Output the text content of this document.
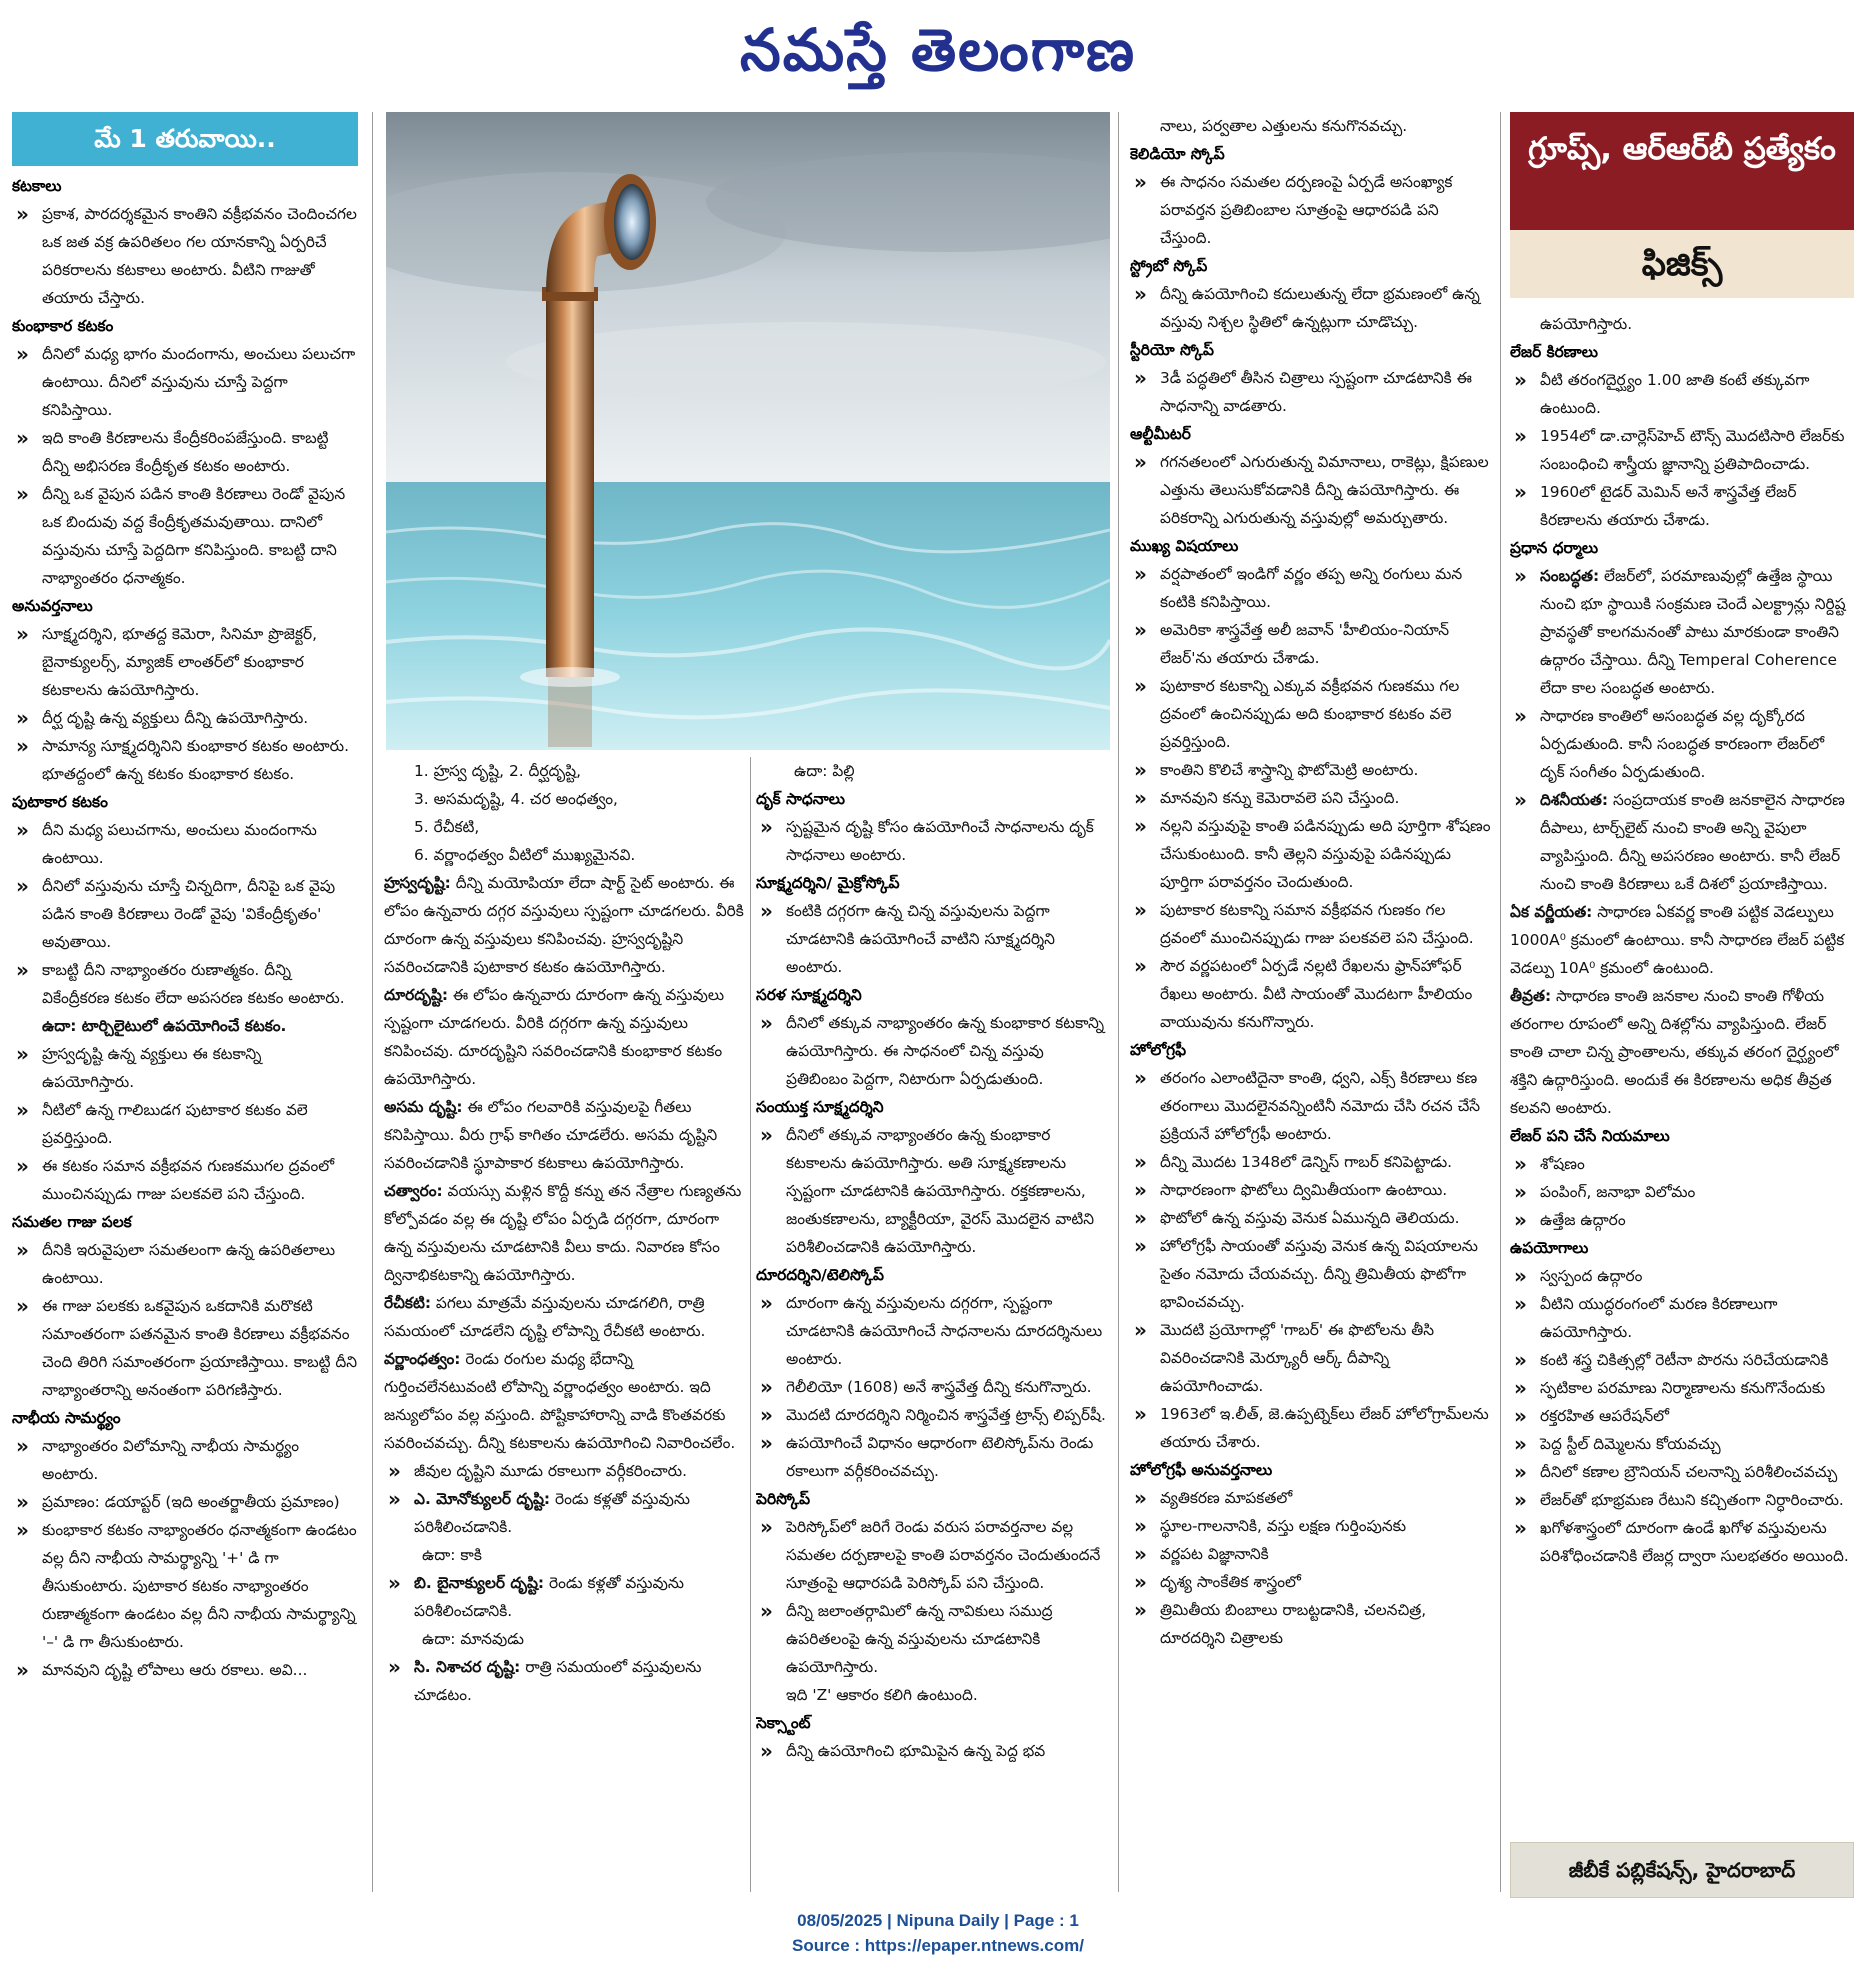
నమస్తే తెలంగాణ
మే 1 తరువాయి..

కటకాలు

» ప్రకాశ, పారదర్శకమైన కాంతిని వక్రీభవనం చెందించగల ఒక జత వక్ర ఉపరితలం గల యానకాన్ని ఏర్పరిచే పరికరాలను కటకాలు అంటారు. వీటిని గాజుతో తయారు చేస్తారు.

కుంభాకార కటకం

» దీనిలో మధ్య భాగం మందంగాను, అంచులు పలుచగా ఉంటాయి. దీనిలో వస్తువును చూస్తే పెద్దగా కనిపిస్తాయి.

» ఇది కాంతి కిరణాలను కేంద్రీకరింపజేస్తుంది. కాబట్టి దీన్ని అభిసరణ కేంద్రీకృత కటకం అంటారు.

» దీన్ని ఒక వైపున పడిన కాంతి కిరణాలు రెండో వైపున ఒక బిందువు వద్ద కేంద్రీకృతమవుతాయి. దానిలో వస్తువును చూస్తే పెద్దదిగా కనిపిస్తుంది. కాబట్టి దాని నాభ్యాంతరం ధనాత్మకం.

అనువర్తనాలు

» సూక్ష్మదర్శిని, భూతద్ద కెమెరా, సినిమా ప్రొజెక్టర్, బైనాక్యులర్స్, మ్యాజిక్ లాంతర్‌లో కుంభాకార కటకాలను ఉపయోగిస్తారు.

» దీర్ఘ దృష్టి ఉన్న వ్యక్తులు దీన్ని ఉపయోగిస్తారు.

» సామాన్య సూక్ష్మదర్శినిని కుంభాకార కటకం అంటారు. భూతద్దంలో ఉన్న కటకం కుంభాకార కటకం.

పుటాకార కటకం

» దీని మధ్య పలుచగాను, అంచులు మందంగాను ఉంటాయి.

» దీనిలో వస్తువును చూస్తే చిన్నదిగా, దీనిపై ఒక వైపు పడిన కాంతి కిరణాలు రెండో వైపు 'వికేంద్రీకృతం' అవుతాయి.

» కాబట్టి దీని నాభ్యాంతరం రుణాత్మకం. దీన్ని వికేంద్రీకరణ కటకం లేదా అపసరణ కటకం అంటారు.

ఉదా: టార్చిలైటులో ఉపయోగించే కటకం.

» హ్రస్వదృష్టి ఉన్న వ్యక్తులు ఈ కటకాన్ని ఉపయోగిస్తారు.

» నీటిలో ఉన్న గాలిబుడగ పుటాకార కటకం వలె ప్రవర్తిస్తుంది.

» ఈ కటకం సమాన వక్రీభవన గుణకముగల ద్రవంలో ముంచినప్పుడు గాజు పలకవలె పని చేస్తుంది.

సమతల గాజు పలక

» దీనికి ఇరువైపులా సమతలంగా ఉన్న ఉపరితలాలు ఉంటాయి.

» ఈ గాజు పలకకు ఒకవైపున ఒకదానికి మరొకటి సమాంతరంగా పతనమైన కాంతి కిరణాలు వక్రీభవనం చెంది తిరిగి సమాంతరంగా ప్రయాణిస్తాయి. కాబట్టి దీని నాభ్యాంతరాన్ని అనంతంగా పరిగణిస్తారు.

నాభీయ సామర్థ్యం

» నాభ్యాంతరం విలోమాన్ని నాభీయ సామర్థ్యం అంటారు.

» ప్రమాణం: డయాప్టర్ (ఇది అంతర్జాతీయ ప్రమాణం)

» కుంభాకార కటకం నాభ్యాంతరం ధనాత్మకంగా ఉండటం వల్ల దీని నాభీయ సామర్థ్యాన్ని '+' డి గా తీసుకుంటారు. పుటాకార కటకం నాభ్యాంతరం రుణాత్మకంగా ఉండటం వల్ల దీని నాభీయ సామర్థ్యాన్ని '–' డి గా తీసుకుంటారు.

» మానవుని దృష్టి లోపాలు ఆరు రకాలు. అవి...

1. హ్రస్వ దృష్టి, 2. దీర్ఘదృష్టి,

3. అసమదృష్టి, 4. చర అంధత్వం,

5. రేచీకటి,

6. వర్ణాంధత్వం వీటిలో ముఖ్యమైనవి.

హ్రస్వదృష్టి: దీన్ని మయోపియా లేదా షార్ట్ సైట్ అంటారు. ఈ లోపం ఉన్నవారు దగ్గర వస్తువులు స్పష్టంగా చూడగలరు. వీరికి దూరంగా ఉన్న వస్తువులు కనిపించవు. హ్రస్వదృష్టిని సవరించడానికి పుటాకార కటకం ఉపయోగిస్తారు.

దూరదృష్టి: ఈ లోపం ఉన్నవారు దూరంగా ఉన్న వస్తువులు స్పష్టంగా చూడగలరు. వీరికి దగ్గరగా ఉన్న వస్తువులు కనిపించవు. దూరదృష్టిని సవరించడానికి కుంభాకార కటకం ఉపయోగిస్తారు.

అసమ దృష్టి: ఈ లోపం గలవారికి వస్తువులపై గీతలు కనిపిస్తాయి. వీరు గ్రాఫ్ కాగితం చూడలేరు. అసమ దృష్టిని సవరించడానికి స్థూపాకార కటకాలు ఉపయోగిస్తారు.

చత్వారం: వయస్సు మళ్లిన కొద్దీ కన్ను తన నేత్రాల గుణ్యతను కోల్పోవడం వల్ల ఈ దృష్టి లోపం ఏర్పడి దగ్గరగా, దూరంగా ఉన్న వస్తువులను చూడటానికి వీలు కాదు. నివారణ కోసం ద్వినాభికటకాన్ని ఉపయోగిస్తారు.

రేచీకటి: పగలు మాత్రమే వస్తువులను చూడగలిగి, రాత్రి సమయంలో చూడలేని దృష్టి లోపాన్ని రేచీకటి అంటారు.

వర్ణాంధత్వం: రెండు రంగుల మధ్య భేదాన్ని గుర్తించలేనటువంటి లోపాన్ని వర్ణాంధత్వం అంటారు. ఇది జన్యులోపం వల్ల వస్తుంది. పోష్టికాహారాన్ని వాడి కొంతవరకు సవరించవచ్చు. దీన్ని కటకాలను ఉపయోగించి నివారించలేం.

» జీవుల దృష్టిని మూడు రకాలుగా వర్గీకరించారు.

» ఎ. మోనోక్యులర్ దృష్టి: రెండు కళ్లతో వస్తువును పరిశీలించడానికి.

ఉదా: కాకి

» బి. బైనాక్యులర్ దృష్టి: రెండు కళ్లతో వస్తువును పరిశీలించడానికి.

ఉదా: మానవుడు

» సి. నిశాచర దృష్టి: రాత్రి సమయంలో వస్తువులను చూడటం.

ఉదా: పిల్లి

దృక్ సాధనాలు

» స్పష్టమైన దృష్టి కోసం ఉపయోగించే సాధనాలను దృక్ సాధనాలు అంటారు.

సూక్ష్మదర్శిని/ మైక్రోస్కోప్

» కంటికి దగ్గరగా ఉన్న చిన్న వస్తువులను పెద్దగా చూడటానికి ఉపయోగించే వాటిని సూక్ష్మదర్శిని అంటారు.

సరళ సూక్ష్మదర్శిని

» దీనిలో తక్కువ నాభ్యాంతరం ఉన్న కుంభాకార కటకాన్ని ఉపయోగిస్తారు. ఈ సాధనంలో చిన్న వస్తువు ప్రతిబింబం పెద్దగా, నిటారుగా ఏర్పడుతుంది.

సంయుక్త సూక్ష్మదర్శిని

» దీనిలో తక్కువ నాభ్యాంతరం ఉన్న కుంభాకార కటకాలను ఉపయోగిస్తారు. అతి సూక్ష్మకణాలను స్పష్టంగా చూడటానికి ఉపయోగిస్తారు. రక్తకణాలను, జంతుకణాలను, బ్యాక్టీరియా, వైరస్ మొదలైన వాటిని పరిశీలించడానికి ఉపయోగిస్తారు.

దూరదర్శిని/టెలిస్కోప్

» దూరంగా ఉన్న వస్తువులను దగ్గరగా, స్పష్టంగా చూడటానికి ఉపయోగించే సాధనాలను దూరదర్శినులు అంటారు.

» గెలీలియో (1608) అనే శాస్త్రవేత్త దీన్ని కనుగొన్నారు.

» మొదటి దూరదర్శిని నిర్మించిన శాస్త్రవేత్త ట్రాన్స్ లిప్పర్‌షీ.

» ఉపయోగించే విధానం ఆధారంగా టెలిస్కోప్‌ను రెండు రకాలుగా వర్గీకరించవచ్చు.

పెరిస్కోప్

» పెరిస్కోప్‌లో జరిగే రెండు వరుస పరావర్తనాల వల్ల సమతల దర్పణాలపై కాంతి పరావర్తనం చెందుతుందనే సూత్రంపై ఆధారపడి పెరిస్కోప్ పని చేస్తుంది.

» దీన్ని జలాంతర్గామిలో ఉన్న నావికులు సముద్ర ఉపరితలంపై ఉన్న వస్తువులను చూడటానికి ఉపయోగిస్తారు.

ఇది 'Z' ఆకారం కలిగి ఉంటుంది.

సెక్స్టాంట్

» దీన్ని ఉపయోగించి భూమిపైన ఉన్న పెద్ద భవ

నాలు, పర్వతాల ఎత్తులను కనుగొనవచ్చు.

కెలిడియో స్కోప్

» ఈ సాధనం సమతల దర్పణంపై ఏర్పడే అసంఖ్యాక పరావర్తన ప్రతిబింబాల సూత్రంపై ఆధారపడి పని చేస్తుంది.

స్ట్రోబో స్కోప్

» దీన్ని ఉపయోగించి కదులుతున్న లేదా భ్రమణంలో ఉన్న వస్తువు నిశ్చల స్థితిలో ఉన్నట్లుగా చూడొచ్చు.

స్టీరియో స్కోప్

» 3డీ పద్ధతిలో తీసిన చిత్రాలు స్పష్టంగా చూడటానికి ఈ సాధనాన్ని వాడతారు.

ఆల్టీమీటర్

» గగనతలంలో ఎగురుతున్న విమానాలు, రాకెట్లు, క్షిపణుల ఎత్తును తెలుసుకోవడానికి దీన్ని ఉపయోగిస్తారు. ఈ పరికరాన్ని ఎగురుతున్న వస్తువుల్లో అమర్చుతారు.

ముఖ్య విషయాలు

» వర్షపాతంలో ఇండిగో వర్ణం తప్ప అన్ని రంగులు మన కంటికి కనిపిస్తాయి.

» అమెరికా శాస్త్రవేత్త అలీ జవాన్ 'హీలియం-నియాన్ లేజర్'ను తయారు చేశాడు.

» పుటాకార కటకాన్ని ఎక్కువ వక్రీభవన గుణకము గల ద్రవంలో ఉంచినప్పుడు అది కుంభాకార కటకం వలె ప్రవర్తిస్తుంది.

» కాంతిని కొలిచే శాస్త్రాన్ని ఫొటోమెట్రి అంటారు.

» మానవుని కన్ను కెమెరావలె పని చేస్తుంది.

» నల్లని వస్తువుపై కాంతి పడినప్పుడు అది పూర్తిగా శోషణం చేసుకుంటుంది. కానీ తెల్లని వస్తువుపై పడినప్పుడు పూర్తిగా పరావర్తనం చెందుతుంది.

» పుటాకార కటకాన్ని సమాన వక్రీభవన గుణకం గల ద్రవంలో ముంచినప్పుడు గాజు పలకవలె పని చేస్తుంది.

» సౌర వర్ణపటంలో ఏర్పడే నల్లటి రేఖలను ఫ్రాన్‌హోఫర్ రేఖలు అంటారు. వీటి సాయంతో మొదటగా హీలియం వాయువును కనుగొన్నారు.

హోలోగ్రఫీ

» తరంగం ఎలాంటిదైనా కాంతి, ధ్వని, ఎక్స్ కిరణాలు కణ తరంగాలు మొదలైనవన్నింటినీ నమోదు చేసి రచన చేసే ప్రక్రియనే హోలోగ్రఫీ అంటారు.

» దీన్ని మొదట 1348లో డెన్నిస్ గాబర్ కనిపెట్టాడు.

» సాధారణంగా ఫొటోలు ద్విమితీయంగా ఉంటాయి.

» ఫొటోలో ఉన్న వస్తువు వెనుక ఏమున్నది తెలియదు.

» హోలోగ్రఫీ సాయంతో వస్తువు వెనుక ఉన్న విషయాలను సైతం నమోదు చేయవచ్చు. దీన్ని త్రిమితీయ ఫొటోగా భావించవచ్చు.

» మొదటి ప్రయోగాల్లో 'గాబర్' ఈ ఫొటోలను తీసి వివరించడానికి మెర్క్యూరీ ఆర్క్ దీపాన్ని ఉపయోగించాడు.

» 1963లో ఇ.లీత్, జె.ఉప్పట్నెక్‌లు లేజర్ హోలోగ్రామ్‌లను తయారు చేశారు.

హోలోగ్రఫీ అనువర్తనాలు

» వ్యతికరణ మాపకతలో

» స్థూల-గాలనానికి, వస్తు లక్షణ గుర్తింపునకు

» వర్ణపట విజ్ఞానానికి

» దృశ్య సాంకేతిక శాస్త్రంలో

» త్రిమితీయ బింబాలు రాబట్టడానికి, చలనచిత్ర, దూరదర్శిని చిత్రాలకు

గ్రూప్స్, ఆర్‌ఆర్‌బీ ప్రత్యేకం
ఫిజిక్స్

ఉపయోగిస్తారు.

లేజర్ కిరణాలు

» వీటి తరంగదైర్ఘ్యం 1.00 జాతి కంటే తక్కువగా ఉంటుంది.

» 1954లో డా.చార్లెస్‌హెచ్ టౌన్స్ మొదటిసారి లేజర్‌కు సంబంధించి శాస్త్రీయ జ్ఞానాన్ని ప్రతిపాదించాడు.

» 1960లో టైడర్ మెమిన్ అనే శాస్త్రవేత్త లేజర్ కిరణాలను తయారు చేశాడు.

ప్రధాన ధర్మాలు

» సంబద్ధత: లేజర్‌లో, పరమాణువుల్లో ఉత్తేజ స్థాయి నుంచి భూ స్థాయికి సంక్రమణ చెందే ఎలక్ట్రాన్లు నిర్దిష్ట ప్రావస్థతో కాలగమనంతో పాటు మారకుండా కాంతిని ఉద్గారం చేస్తాయి. దీన్ని Temperal Coherence లేదా కాల సంబద్ధత అంటారు.

» సాధారణ కాంతిలో అసంబద్ధత వల్ల దృక్కోరద ఏర్పడుతుంది. కానీ సంబద్ధత కారణంగా లేజర్‌లో దృక్ సంగీతం ఏర్పడుతుంది.

» దిశనీయత: సంప్రదాయక కాంతి జనకాలైన సాధారణ దీపాలు, టార్చ్‌లైట్ నుంచి కాంతి అన్ని వైపులా వ్యాపిస్తుంది. దీన్ని అపసరణం అంటారు. కానీ లేజర్ నుంచి కాంతి కిరణాలు ఒకే దిశలో ప్రయాణిస్తాయి.

ఏక వర్ణీయత: సాధారణ ఏకవర్ణ కాంతి పట్టిక వెడల్పులు 1000A⁰ క్రమంలో ఉంటాయి. కానీ సాధారణ లేజర్ పట్టిక వెడల్పు 10A⁰ క్రమంలో ఉంటుంది.

తీవ్రత: సాధారణ కాంతి జనకాల నుంచి కాంతి గోళీయ తరంగాల రూపంలో అన్ని దిశల్లోను వ్యాపిస్తుంది. లేజర్ కాంతి చాలా చిన్న ప్రాంతాలను, తక్కువ తరంగ దైర్ఘ్యంలో శక్తిని ఉద్గారిస్తుంది. అందుకే ఈ కిరణాలను అధిక తీవ్రత కలవని అంటారు.

లేజర్ పని చేసే నియమాలు

» శోషణం

» పంపింగ్, జనాభా విలోమం

» ఉత్తేజ ఉద్గారం

ఉపయోగాలు

» స్వస్పంద ఉద్గారం

» వీటిని యుద్ధరంగంలో మరణ కిరణాలుగా ఉపయోగిస్తారు.

» కంటి శస్త్ర చికిత్సల్లో రెటీనా పొరను సరిచేయడానికి

» స్ఫటికాల పరమాణు నిర్మాణాలను కనుగొనేందుకు

» రక్తరహిత ఆపరేషన్‌లో

» పెద్ద స్టీల్ దిమ్మెలను కోయవచ్చు

» దీనిలో కణాల బ్రౌనియన్ చలనాన్ని పరిశీలించవచ్చు

» లేజర్‌తో భూభ్రమణ రేటుని కచ్చితంగా నిర్ధారించారు.

» ఖగోళశాస్త్రంలో దూరంగా ఉండే ఖగోళ వస్తువులను పరిశోధించడానికి లేజర్ల ద్వారా సులభతరం అయింది.

జీబీకే పబ్లికేషన్స్, హైదరాబాద్
08/05/2025 | Nipuna Daily | Page : 1
Source : https://epaper.ntnews.com/
